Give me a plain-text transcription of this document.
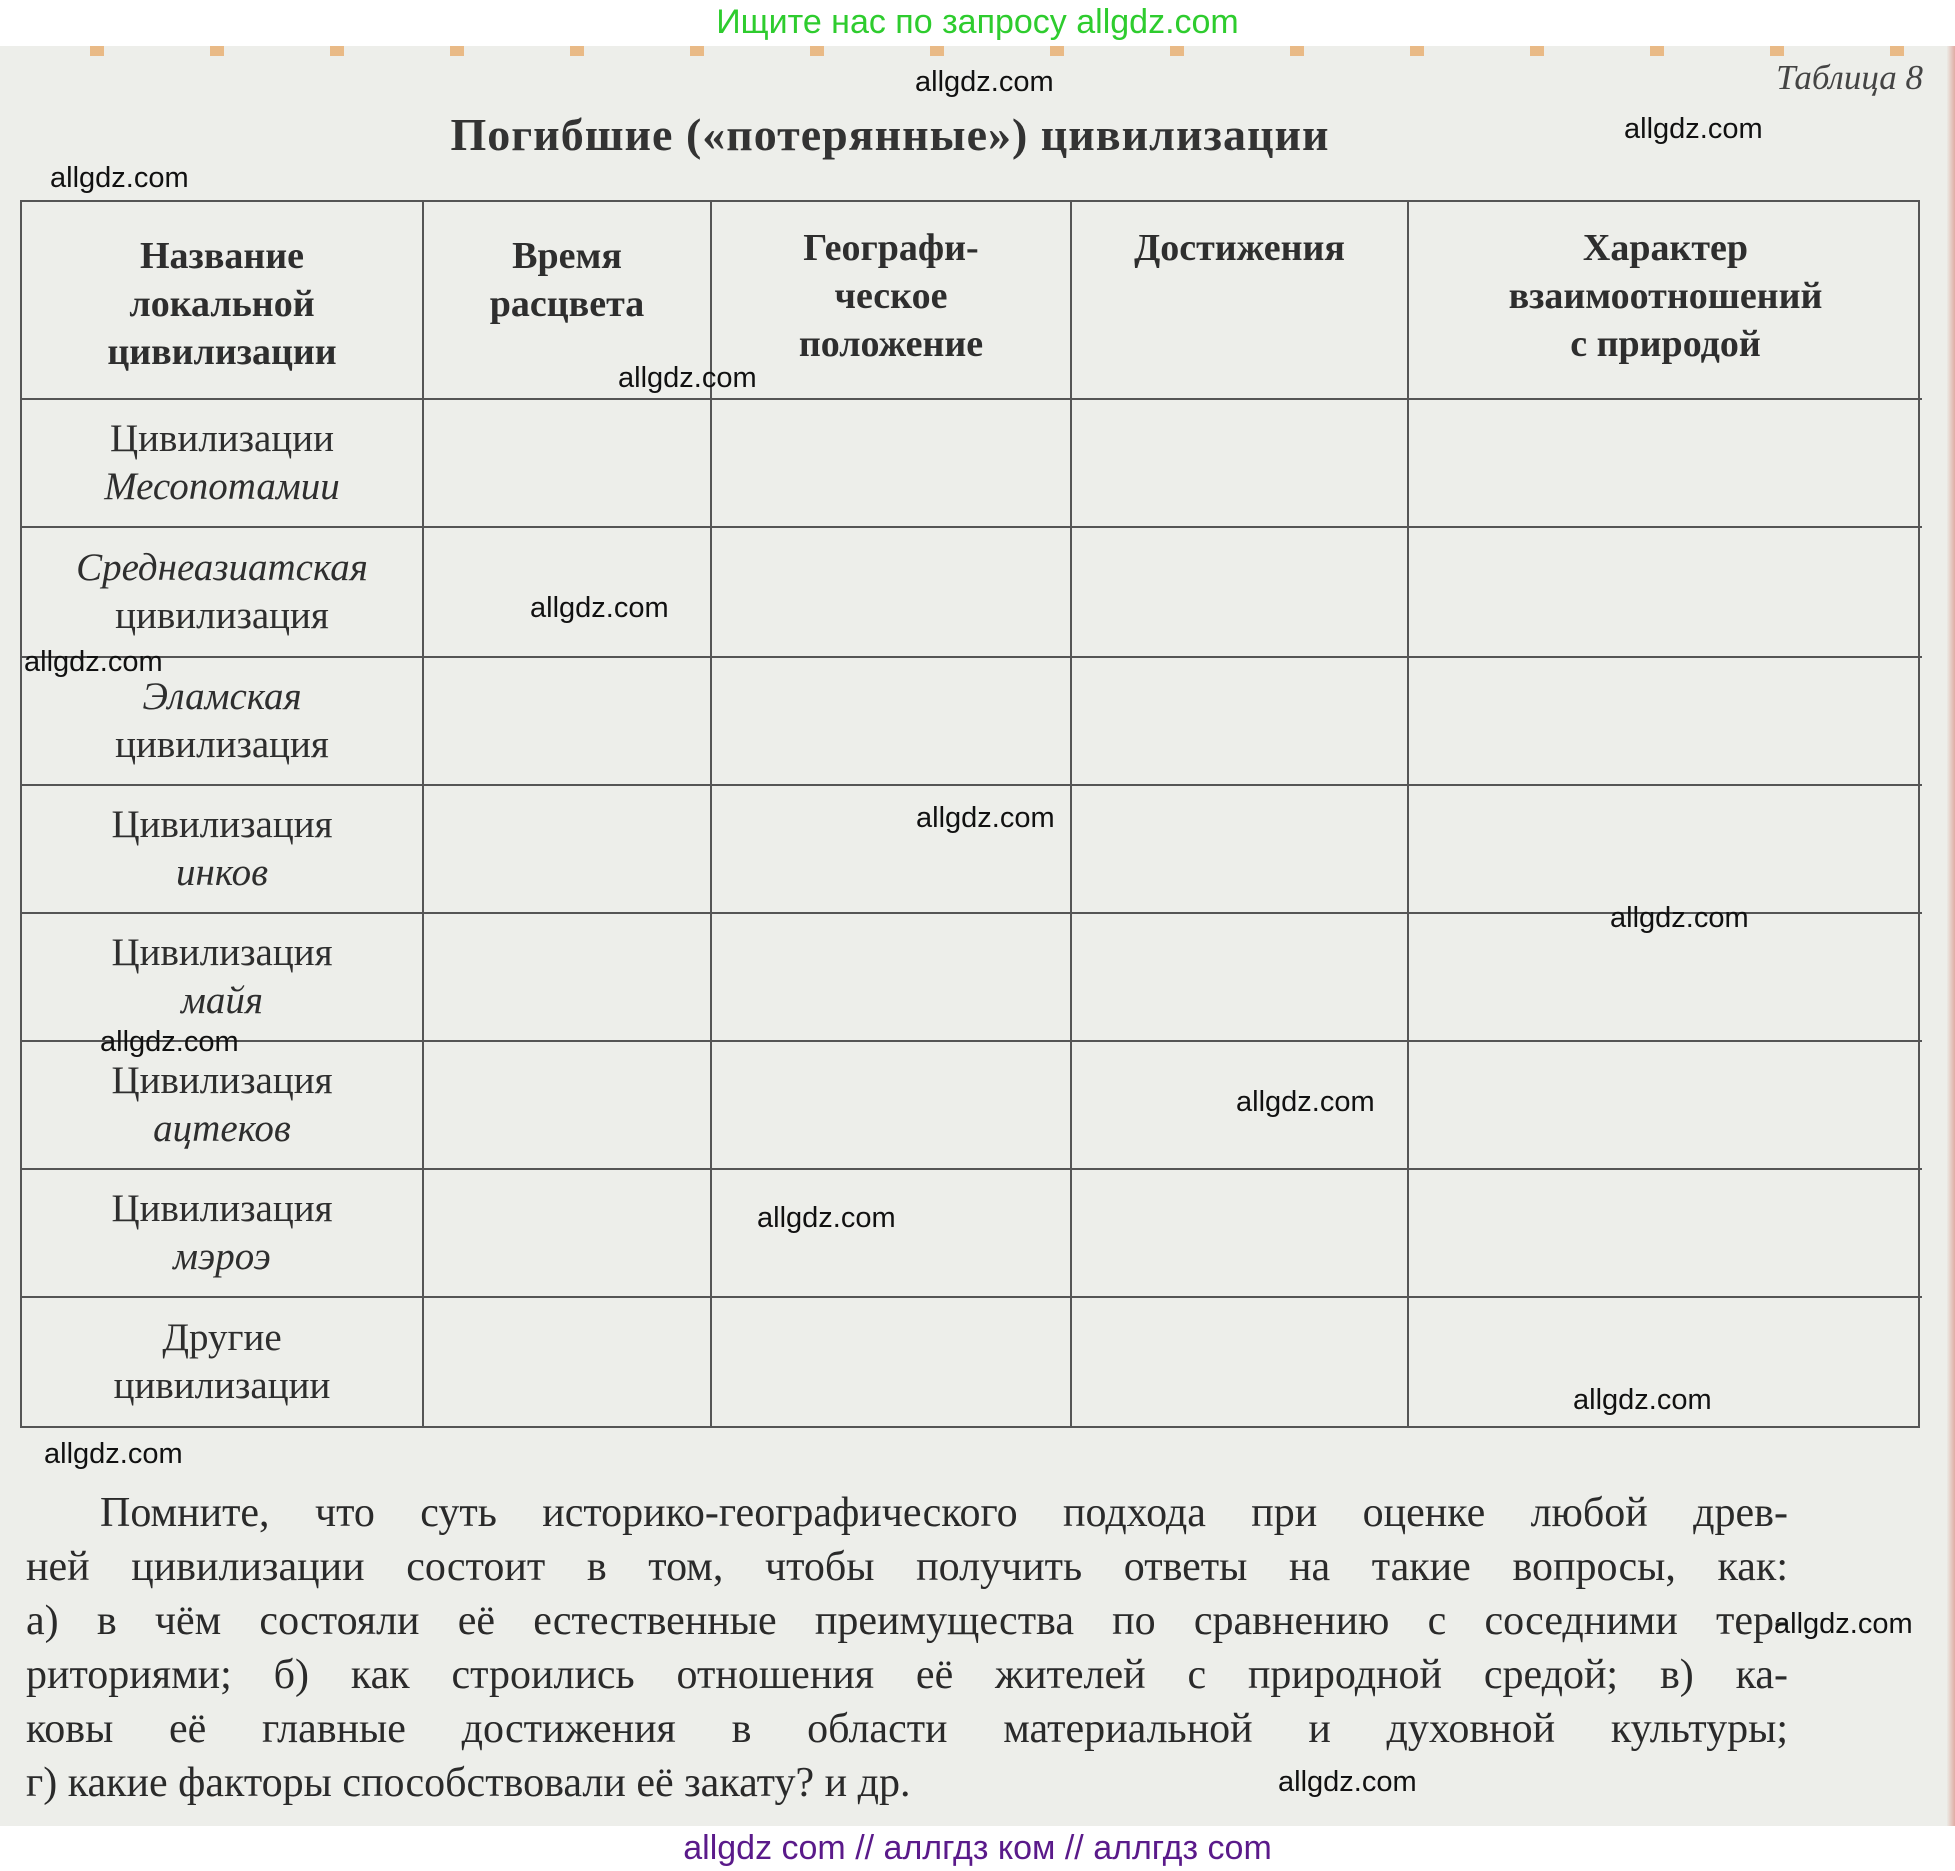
Ищите нас по запросу allgdz.com
Таблица 8
Погибшие («потерянные») цивилизации
Название
локальной
цивилизации
Время
расцвета
Географи-
ческое
положение
Достижения	Характер
взаимоотношений
с природой
Цивилизации
Месопотамии
Среднеазиатская
цивилизация
Эламская
цивилизация
Цивилизация
инков
Цивилизация
майя
Цивилизация
ацтеков
Цивилизация
мэроэ
Другие
цивилизации
Помните, что суть историко-географического подхода при оценке любой древ-
ней цивилизации состоит в том, чтобы получить ответы на такие вопросы, как:
а) в чём состояли её естественные преимущества по сравнению с соседними тер-
риториями; б) как строились отношения её жителей с природной средой; в) ка-
ковы её главные достижения в области материальной и духовной культуры;
г) какие факторы способствовали её закату? и др.
allgdz.com
allgdz.com
allgdz.com
allgdz.com
allgdz.com
allgdz.com
allgdz.com
allgdz.com
allgdz.com
allgdz.com
allgdz.com
allgdz.com
allgdz.com
allgdz.com
allgdz.com
allgdz com // аллгдз ком // аллгдз com
